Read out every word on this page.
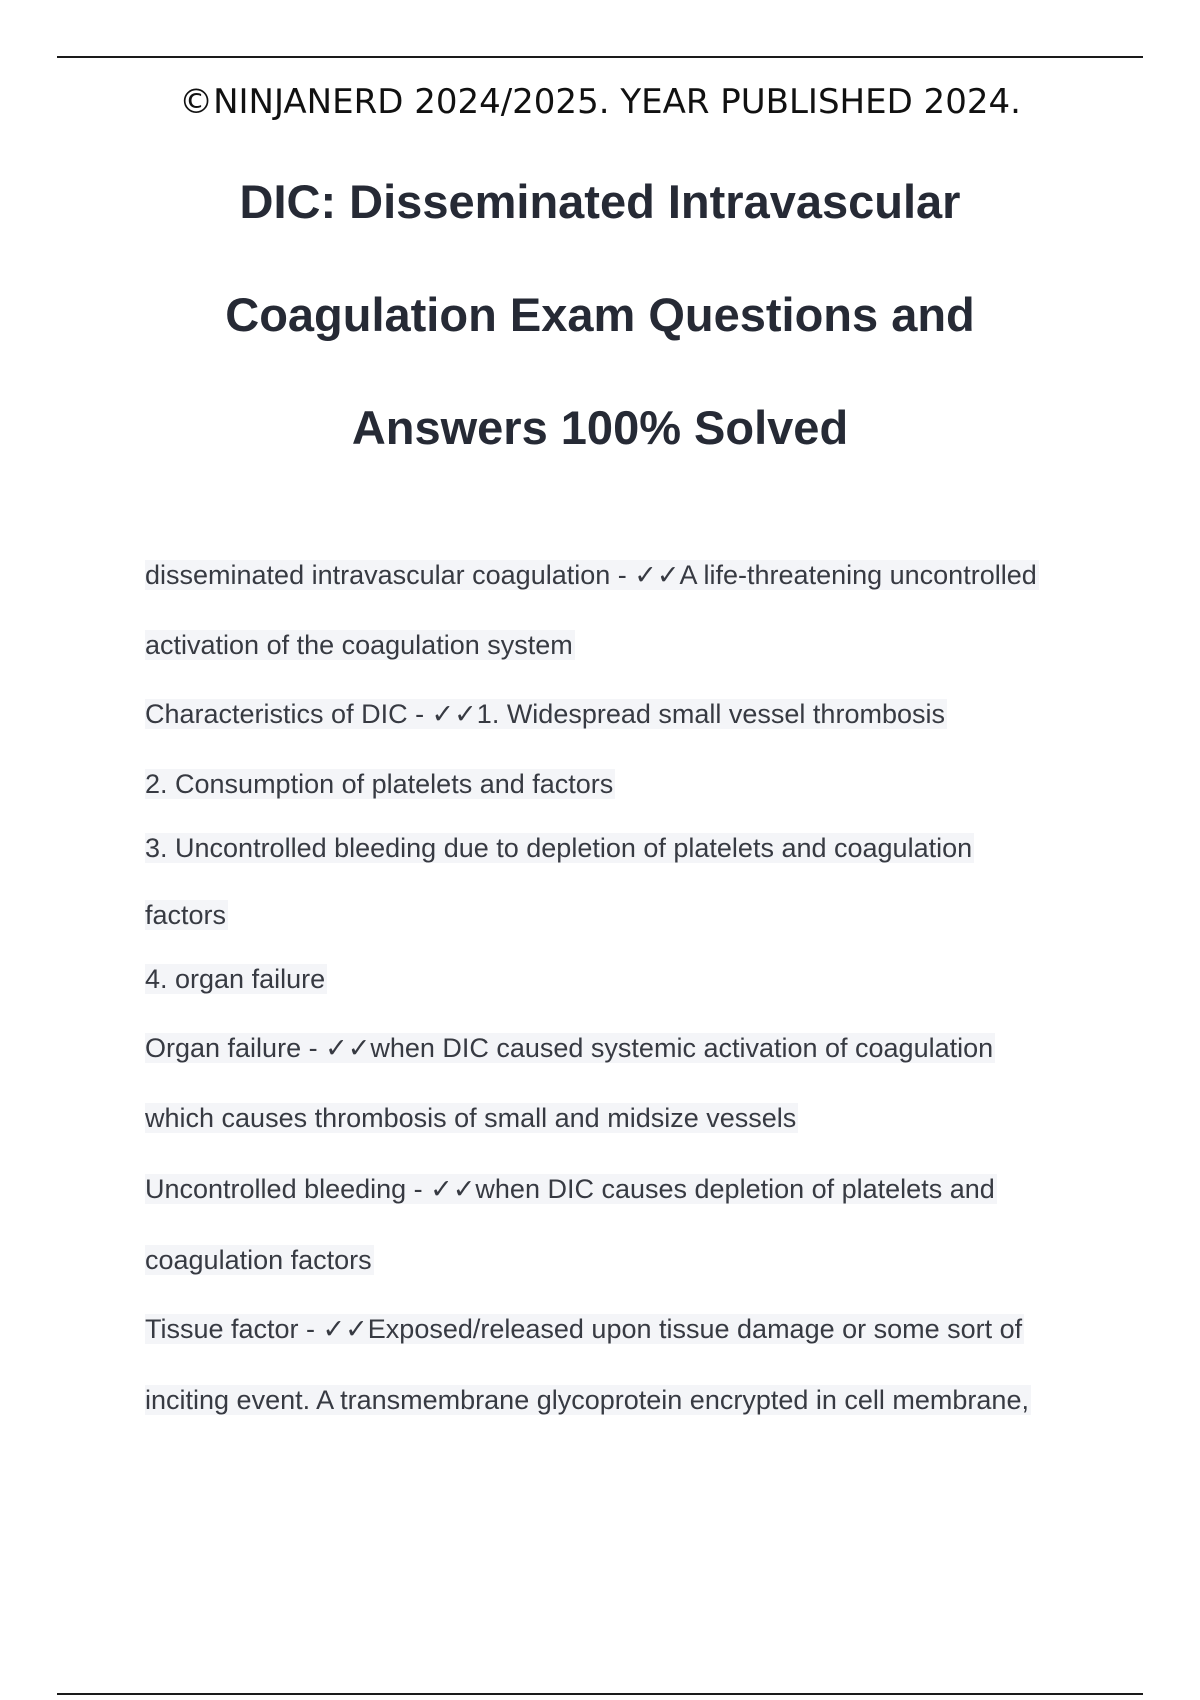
©NINJANERD 2024/2025. YEAR PUBLISHED 2024.
DIC: Disseminated Intravascular
Coagulation Exam Questions and
Answers 100% Solved
disseminated intravascular coagulation - ✓✓A life-threatening uncontrolled
activation of the coagulation system
Characteristics of DIC - ✓✓1. Widespread small vessel thrombosis
2. Consumption of platelets and factors
3. Uncontrolled bleeding due to depletion of platelets and coagulation
factors
4. organ failure
Organ failure - ✓✓when DIC caused systemic activation of coagulation
which causes thrombosis of small and midsize vessels
Uncontrolled bleeding - ✓✓when DIC causes depletion of platelets and
coagulation factors
Tissue factor - ✓✓Exposed/released upon tissue damage or some sort of
inciting event. A transmembrane glycoprotein encrypted in cell membrane,
